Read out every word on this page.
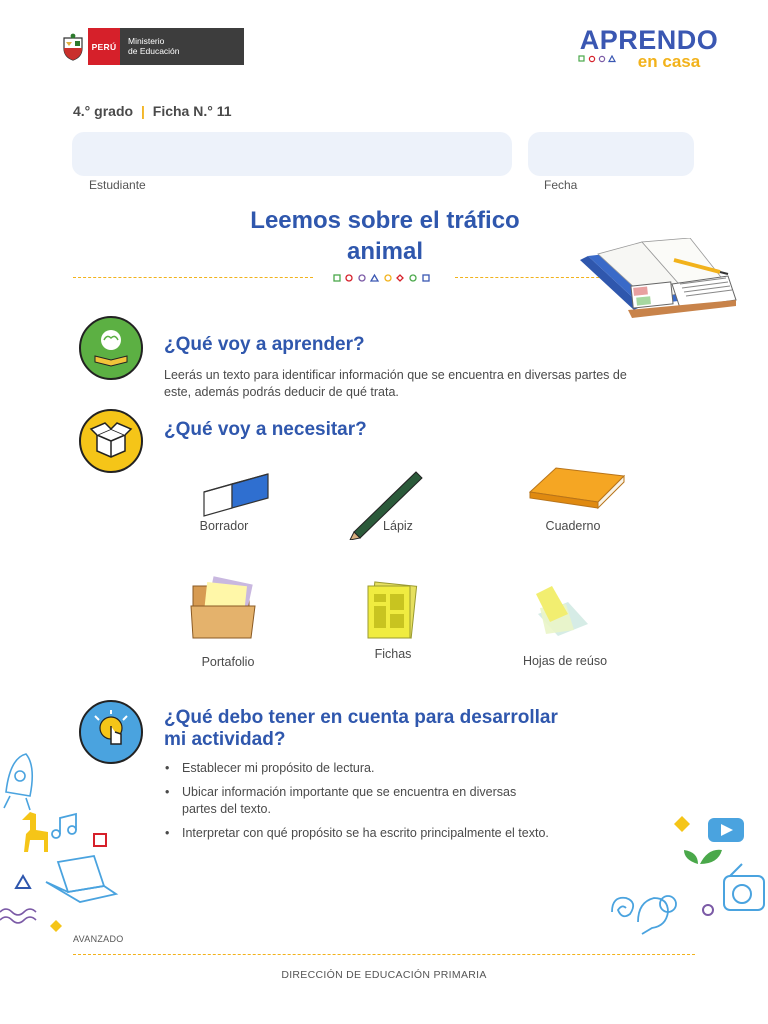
PERÚ
Ministerio
de Educación	APRENDO
en casa
4.° grado | Ficha N.° 11
Estudiante	Fecha
Leemos sobre el tráfico
animal
¿Qué voy a aprender?
Leerás un texto para identificar información que se encuentra en diversas partes de
este, además podrás deducir de qué trata.
¿Qué voy a necesitar?
Borrador	Lápiz	Cuaderno
Portafolio
Fichas	Hojas de reúso
¿Qué debo tener en cuenta para desarrollar
mi actividad?
• Establecer mi propósito de lectura.
• Ubicar información importante que se encuentra en diversas
partes del texto.
• Interpretar con qué propósito se ha escrito principalmente el texto.
AVANZADO
DIRECCIÓN DE EDUCACIÓN PRIMARIA
